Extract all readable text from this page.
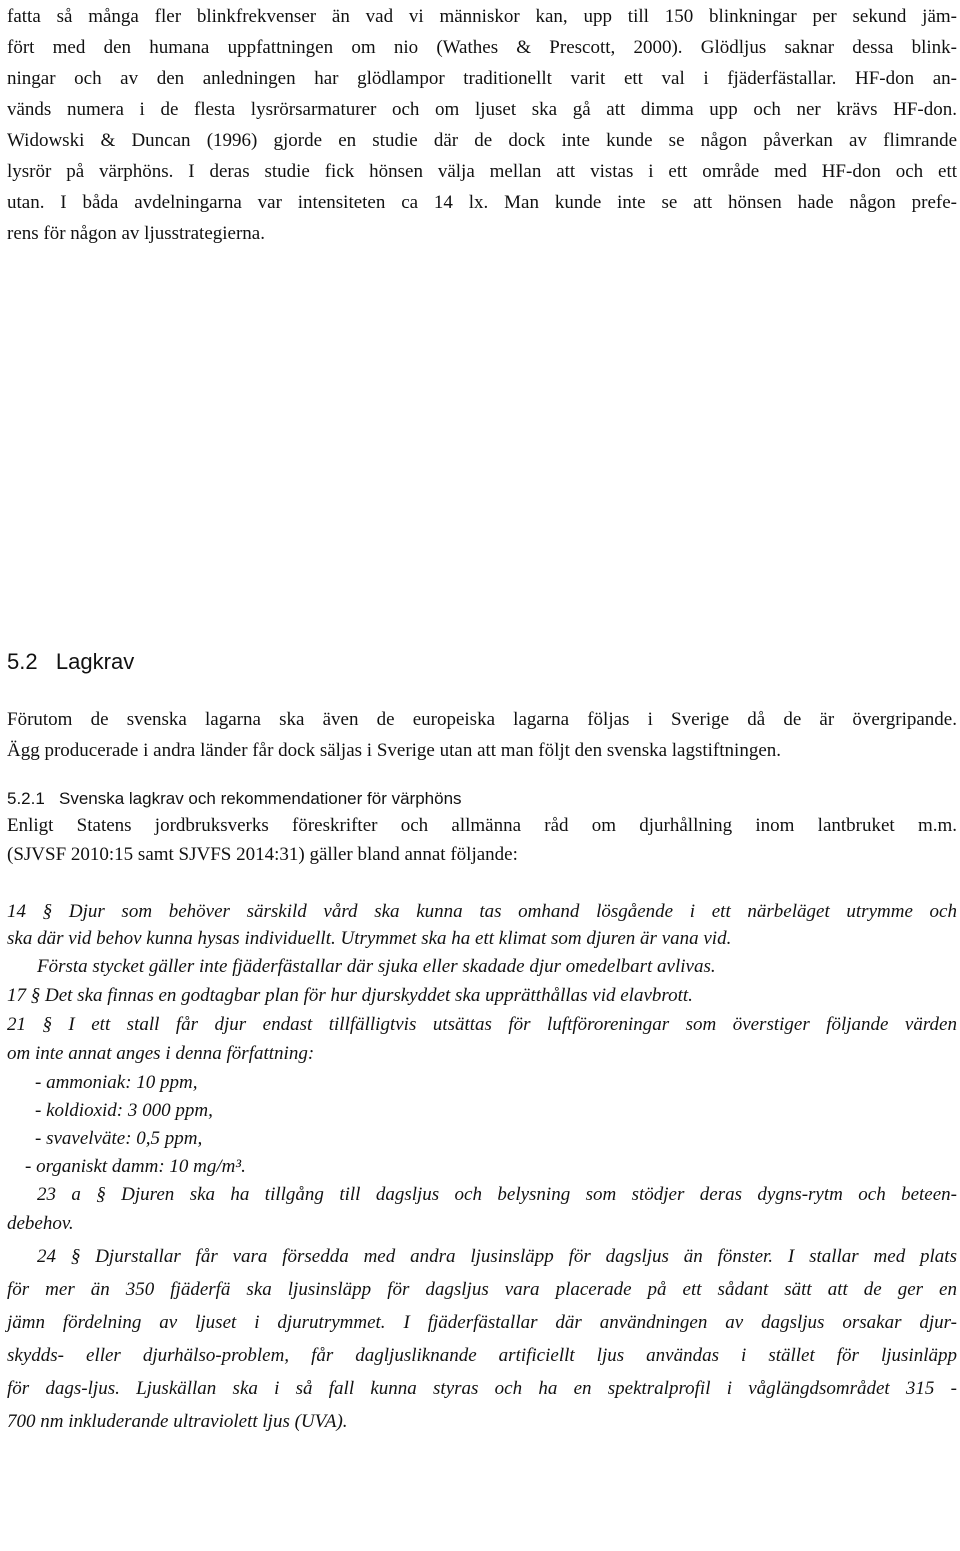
fatta så många fler blinkfrekvenser än vad vi människor kan, upp till 150 blinkningar per sekund jäm-

fört med den humana uppfattningen om nio (Wathes & Prescott, 2000). Glödljus saknar dessa blink-

ningar och av den anledningen har glödlampor traditionellt varit ett val i fjäderfästallar. HF-don an-

vänds numera i de flesta lysrörsarmaturer och om ljuset ska gå att dimma upp och ner krävs HF-don.

Widowski & Duncan (1996) gjorde en studie där de dock inte kunde se någon påverkan av flimrande

lysrör på värphöns. I deras studie fick hönsen välja mellan att vistas i ett område med HF-don och ett

utan. I båda avdelningarna var intensiteten ca 14 lx. Man kunde inte se att hönsen hade någon prefe-

rens för någon av ljusstrategierna.

5.2   Lagkrav

Förutom de svenska lagarna ska även de europeiska lagarna följas i Sverige då de är övergripande.

Ägg producerade i andra länder får dock säljas i Sverige utan att man följt den svenska lagstiftningen.

5.2.1   Svenska lagkrav och rekommendationer för värphöns

Enligt Statens jordbruksverks föreskrifter och allmänna råd om djurhållning inom lantbruket m.m.

(SJVSF 2010:15 samt SJVFS 2014:31) gäller bland annat följande:

14 § Djur som behöver särskild vård ska kunna tas omhand lösgående i ett närbeläget utrymme och

ska där vid behov kunna hysas individuellt. Utrymmet ska ha ett klimat som djuren är vana vid.

Första stycket gäller inte fjäderfästallar där sjuka eller skadade djur omedelbart avlivas.

17 § Det ska finnas en godtagbar plan för hur djurskyddet ska upprätthållas vid elavbrott.

21 § I ett stall får djur endast tillfälligtvis utsättas för luftföroreningar som överstiger följande värden

om inte annat anges i denna författning:

- ammoniak: 10 ppm,

- koldioxid: 3 000 ppm,

- svavelväte: 0,5 ppm,

- organiskt damm: 10 mg/m³.

23 a § Djuren ska ha tillgång till dagsljus och belysning som stödjer deras dygns-rytm och beteen-

debehov.

24 § Djurstallar får vara försedda med andra ljusinsläpp för dagsljus än fönster. I stallar med plats

för mer än 350 fjäderfä ska ljusinsläpp för dagsljus vara placerade på ett sådant sätt att de ger en

jämn fördelning av ljuset i djurutrymmet. I fjäderfästallar där användningen av dagsljus orsakar djur-

skydds- eller djurhälso-problem, får dagljusliknande artificiellt ljus användas i stället för ljusinläpp

för dags-ljus. Ljuskällan ska i så fall kunna styras och ha en spektralprofil i våglängdsområdet 315 -

700 nm inkluderande ultraviolett ljus (UVA).
